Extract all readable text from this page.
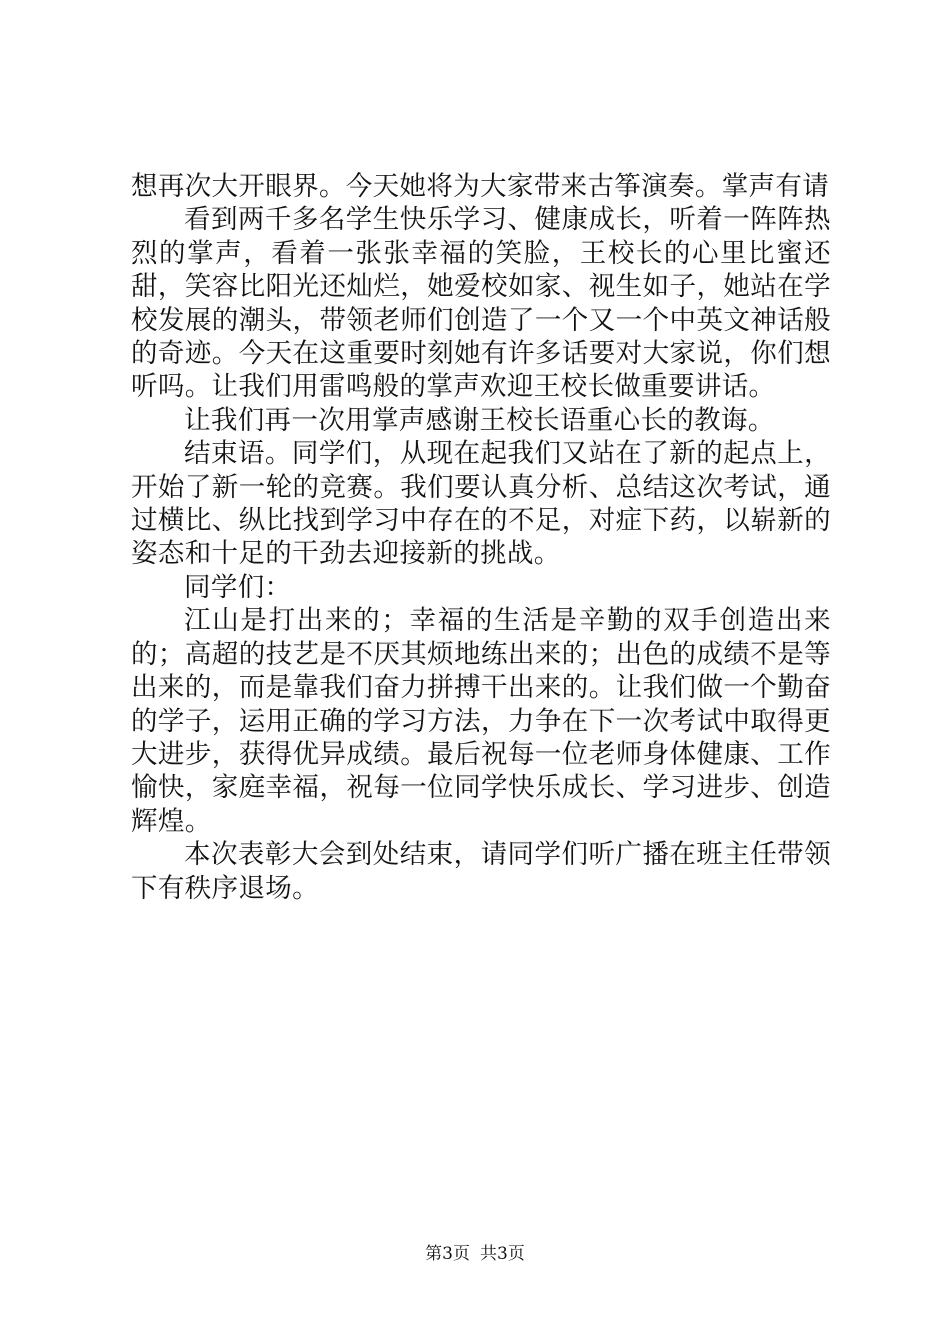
想再次大开眼界。今天她将为大家带来古筝演奏。掌声有请

看到两千多名学生快乐学习、健康成长，听着一阵阵热烈的掌声，看着一张张幸福的笑脸，王校长的心里比蜜还甜，笑容比阳光还灿烂，她爱校如家、视生如子，她站在学校发展的潮头，带领老师们创造了一个又一个中英文神话般的奇迹。今天在这重要时刻她有许多话要对大家说，你们想听吗。让我们用雷鸣般的掌声欢迎王校长做重要讲话。

让我们再一次用掌声感谢王校长语重心长的教诲。

结束语。同学们，从现在起我们又站在了新的起点上，开始了新一轮的竞赛。我们要认真分析、总结这次考试，通过横比、纵比找到学习中存在的不足，对症下药，以崭新的姿态和十足的干劲去迎接新的挑战。

同学们：

江山是打出来的；幸福的生活是辛勤的双手创造出来的；高超的技艺是不厌其烦地练出来的；出色的成绩不是等出来的，而是靠我们奋力拼搏干出来的。让我们做一个勤奋的学子，运用正确的学习方法，力争在下一次考试中取得更大进步，获得优异成绩。最后祝每一位老师身体健康、工作愉快，家庭幸福，祝每一位同学快乐成长、学习进步、创造辉煌。

本次表彰大会到处结束，请同学们听广播在班主任带领下有秩序退场。

第3页 共3页
